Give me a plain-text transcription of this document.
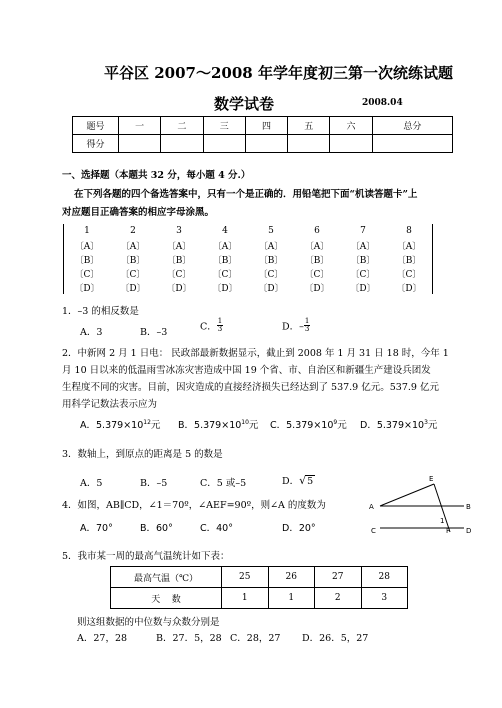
平谷区 2007～2008 年学年度初三第一次统练试题
数学试卷	2008.04
题号	一	二	三	四	五	六	总分
得分							
一、选择题（本题共 32 分，每小题 4 分.）
在下列各题的四个备选答案中，只有一个是正确的．用铅笔把下面“机读答题卡”上
对应题目正确答案的相应字母涂黑。
1	2	3	4	5	6	7	8
〔A〕	〔A〕	〔A〕	〔A〕	〔A〕	〔A〕	〔A〕	〔A〕
〔B〕	〔B〕	〔B〕	〔B〕	〔B〕	〔B〕	〔B〕	〔B〕
〔C〕	〔C〕	〔C〕	〔C〕	〔C〕	〔C〕	〔C〕	〔C〕
〔D〕	〔D〕	〔D〕	〔D〕	〔D〕	〔D〕	〔D〕	〔D〕
1．–3 的相反数是
A．3	B．–3	C． $\frac{1}{3}$	D．– $\frac{1}{3}$
2．中新网 2 月 1 日电： 民政部最新数据显示，截止到 2008 年 1 月 31 日 18 时，今年 1
月 10 日以来的低温雨雪冰冻灾害造成中国 19 个省、市、自治区和新疆生产建设兵团发
生程度不同的灾害。目前，因灾造成的直接经济损失已经达到了 537.9 亿元。537.9 亿元
用科学记数法表示应为
A．$5.379\times 10^{12}$元 B．$5.379\times 10^{10}$元 C．$5.379\times 10^9$元 D．$5.379\times 10^3$元
3．数轴上，到原点的距离是 5 的数是
A．5	B．–5	C．5 或–5	D．√5
4．如图，AB∥CD，∠1＝70º，∠AEF=90º，则∠A 的度数为
A．70°	B．60°	C．40°	D．20°
A	B
C	D
E
F
1
5．我市某一周的最高气温统计如下表：
最高气温（℃）	25	26	27	28
天    数	1	1	2	3
则这组数据的中位数与众数分别是
A．27，28	B．27．5，28 C．28，27 D．26．5，27
